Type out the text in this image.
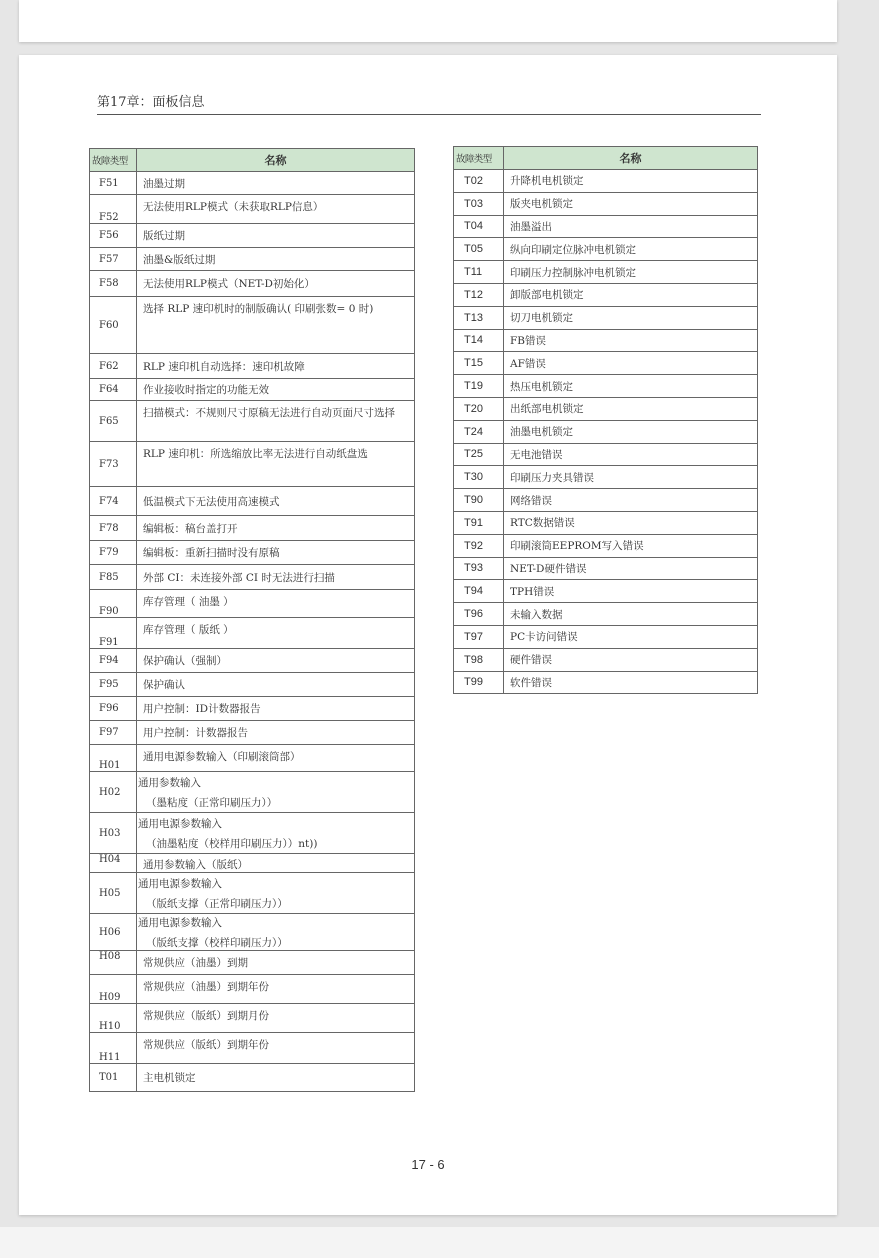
第17章：面板信息
故障类型	名称
F51	油墨过期
F52	无法使用RLP模式（未获取RLP信息）
F56	版纸过期
F57	油墨&版纸过期
F58	无法使用RLP模式（NET-D初始化）
F60	选择 RLP 速印机时的制版确认( 印刷张数= 0 时)
F62	RLP 速印机自动选择：速印机故障
F64	作业接收时指定的功能无效
F65	扫描模式：不规则尺寸原稿无法进行自动页面尺寸选择
F73	RLP 速印机：所选缩放比率无法进行自动纸盘选
F74	低温模式下无法使用高速模式
F78	编辑板：稿台盖打开
F79	编辑板：重新扫描时没有原稿
F85	外部 CI：未连接外部 CI 时无法进行扫描
F90	库存管理（ 油墨 ）
F91	库存管理（ 版纸 ）
F94	保护确认（强制）
F95	保护确认
F96	用户控制：ID计数器报告
F97	用户控制：计数器报告
H01	通用电源参数输入（印刷滚筒部）
H02	通用参数输入
（墨粘度（正常印刷压力））

H03	通用电源参数输入
（油墨粘度（校样用印刷压力））nt))

H04	通用参数输入（版纸）
H05	通用电源参数输入
（版纸支撑（正常印刷压力））

H06	通用电源参数输入
（版纸支撑（校样印刷压力））

H08	常规供应（油墨）到期
H09	常规供应（油墨）到期年份
H10	常规供应（版纸）到期月份
H11	常规供应（版纸）到期年份
T01	主电机锁定
故障类型	名称
T02	升降机电机锁定
T03	版夹电机锁定
T04	油墨溢出
T05	纵向印刷定位脉冲电机锁定
T11	印刷压力控制脉冲电机锁定
T12	卸版部电机锁定
T13	切刀电机锁定
T14	FB错误
T15	AF错误
T19	热压电机锁定
T20	出纸部电机锁定
T24	油墨电机锁定
T25	无电池错误
T30	印刷压力夹具错误
T90	网络错误
T91	RTC数据错误
T92	印刷滚筒EEPROM写入错误
T93	NET-D硬件错误
T94	TPH错误
T96	未输入数据
T97	PC卡访问错误
T98	硬件错误
T99	软件错误
17 - 6
